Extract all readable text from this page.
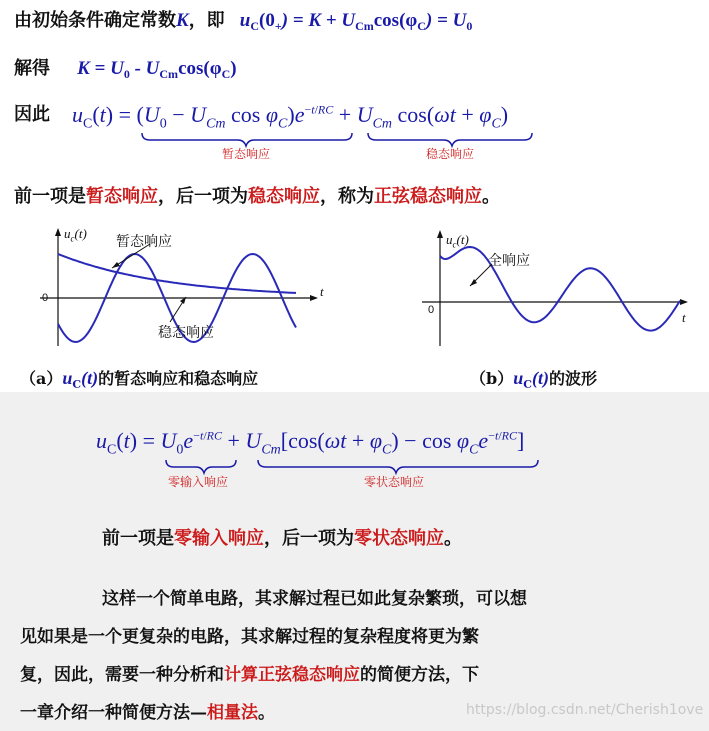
由初始条件确定常数K，即 $u_C(0_+) = K + U_{Cm}\cos(\varphi_C) = U_0$
解得 $K = U_0 - U_{Cm}\cos(\varphi_C)$
因此 $u_C(t) = (U_0 - U_{Cm}$ $\cos \varphi_C)e^{-t/RC} + U_{Cm}$ $\cos(\omega t + \varphi_C)$
暂态响应	稳态响应
前一项是暂态响应，后一项为稳态响应，称为正弦稳态响应。
$u_c(t)$
t
0
暂态响应
稳态响应
$u_c(t)$
t
0
全响应
$(a)u_C(t)$的暂态响应和稳态响应	$(b)u_C(t)$的波形
$u_C(t) = U_0e^{-t/RC} + U_{Cm}[\cos(\omega t + \varphi_C) - \cos \varphi_Ce^{-t/RC}]$
零输入响应	零状态响应
前一项是零输入响应，后一项为零状态响应。
这样一个简单电路，其求解过程已如此复杂繁琐，可以想
见如果是一个更复杂的电路，其求解过程的复杂程度将更为繁
复，因此，需要一种分析和计算正弦稳态响应的简便方法，下
一章介绍一种简便方法—相量法。	https://blog.csdn.net/Cherish1ove
